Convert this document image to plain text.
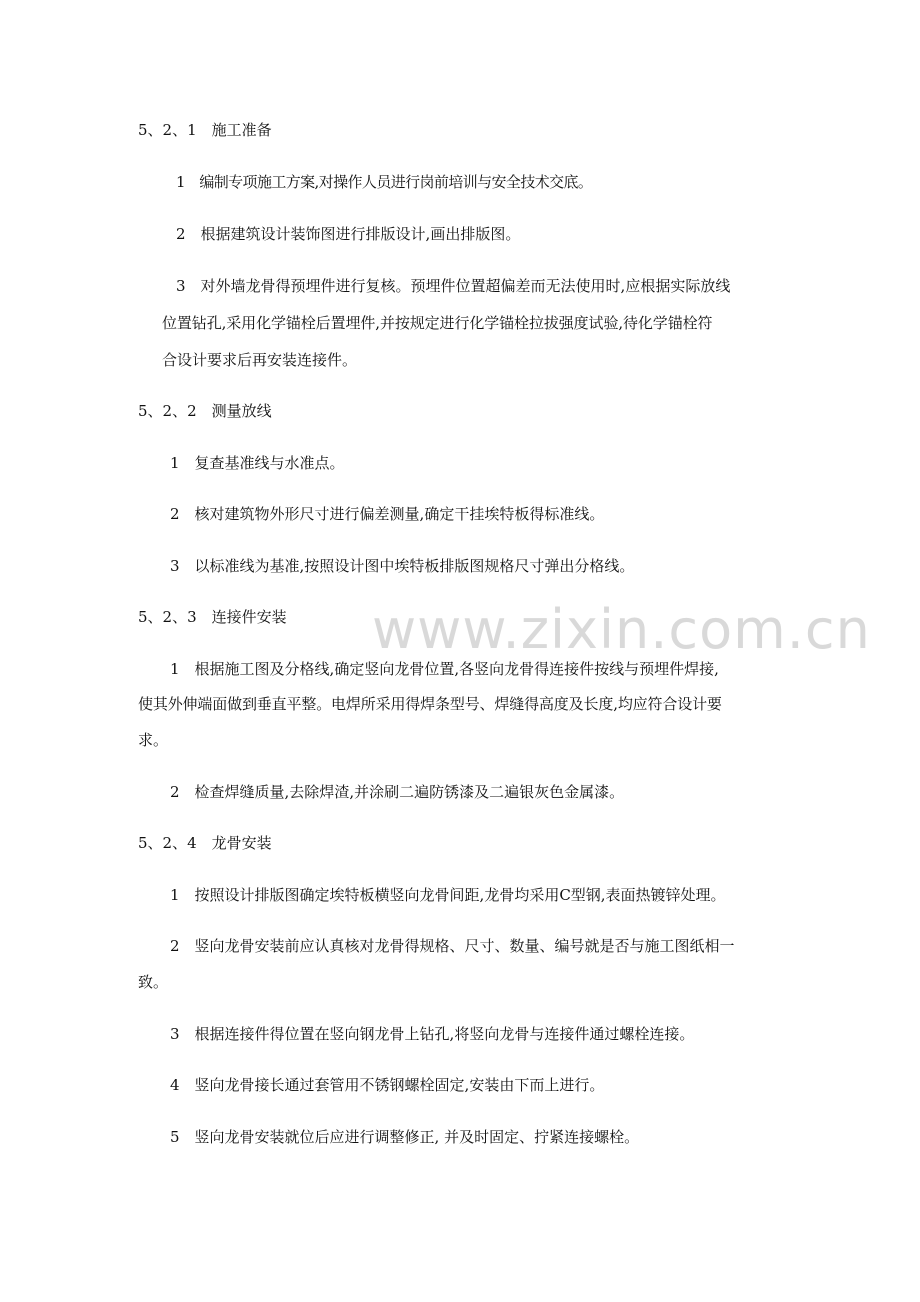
www.zixin.com.cn
5、2、1　施工准备
1　编制专项施工方案,对操作人员进行岗前培训与安全技术交底。
2　根据建筑设计装饰图进行排版设计,画出排版图。
3　对外墙龙骨得预埋件进行复核。预埋件位置超偏差而无法使用时,应根据实际放线
位置钻孔,采用化学锚栓后置埋件,并按规定进行化学锚栓拉拔强度试验,待化学锚栓符
合设计要求后再安装连接件。
5、2、2　测量放线
1　复查基准线与水准点。
2　核对建筑物外形尺寸进行偏差测量,确定干挂埃特板得标准线。
3　以标准线为基准,按照设计图中埃特板排版图规格尺寸弹出分格线。
5、2、3　连接件安装
1　根据施工图及分格线,确定竖向龙骨位置,各竖向龙骨得连接件按线与预埋件焊接,
使其外伸端面做到垂直平整。电焊所采用得焊条型号、焊缝得高度及长度,均应符合设计要
求。
2　检查焊缝质量,去除焊渣,并涂刷二遍防锈漆及二遍银灰色金属漆。
5、2、4　龙骨安装
1　按照设计排版图确定埃特板横竖向龙骨间距,龙骨均采用C型钢,表面热镀锌处理。
2　竖向龙骨安装前应认真核对龙骨得规格、尺寸、数量、编号就是否与施工图纸相一
致。
3　根据连接件得位置在竖向钢龙骨上钻孔,将竖向龙骨与连接件通过螺栓连接。
4　竖向龙骨接长通过套管用不锈钢螺栓固定,安装由下而上进行。
5　竖向龙骨安装就位后应进行调整修正, 并及时固定、拧紧连接螺栓。
